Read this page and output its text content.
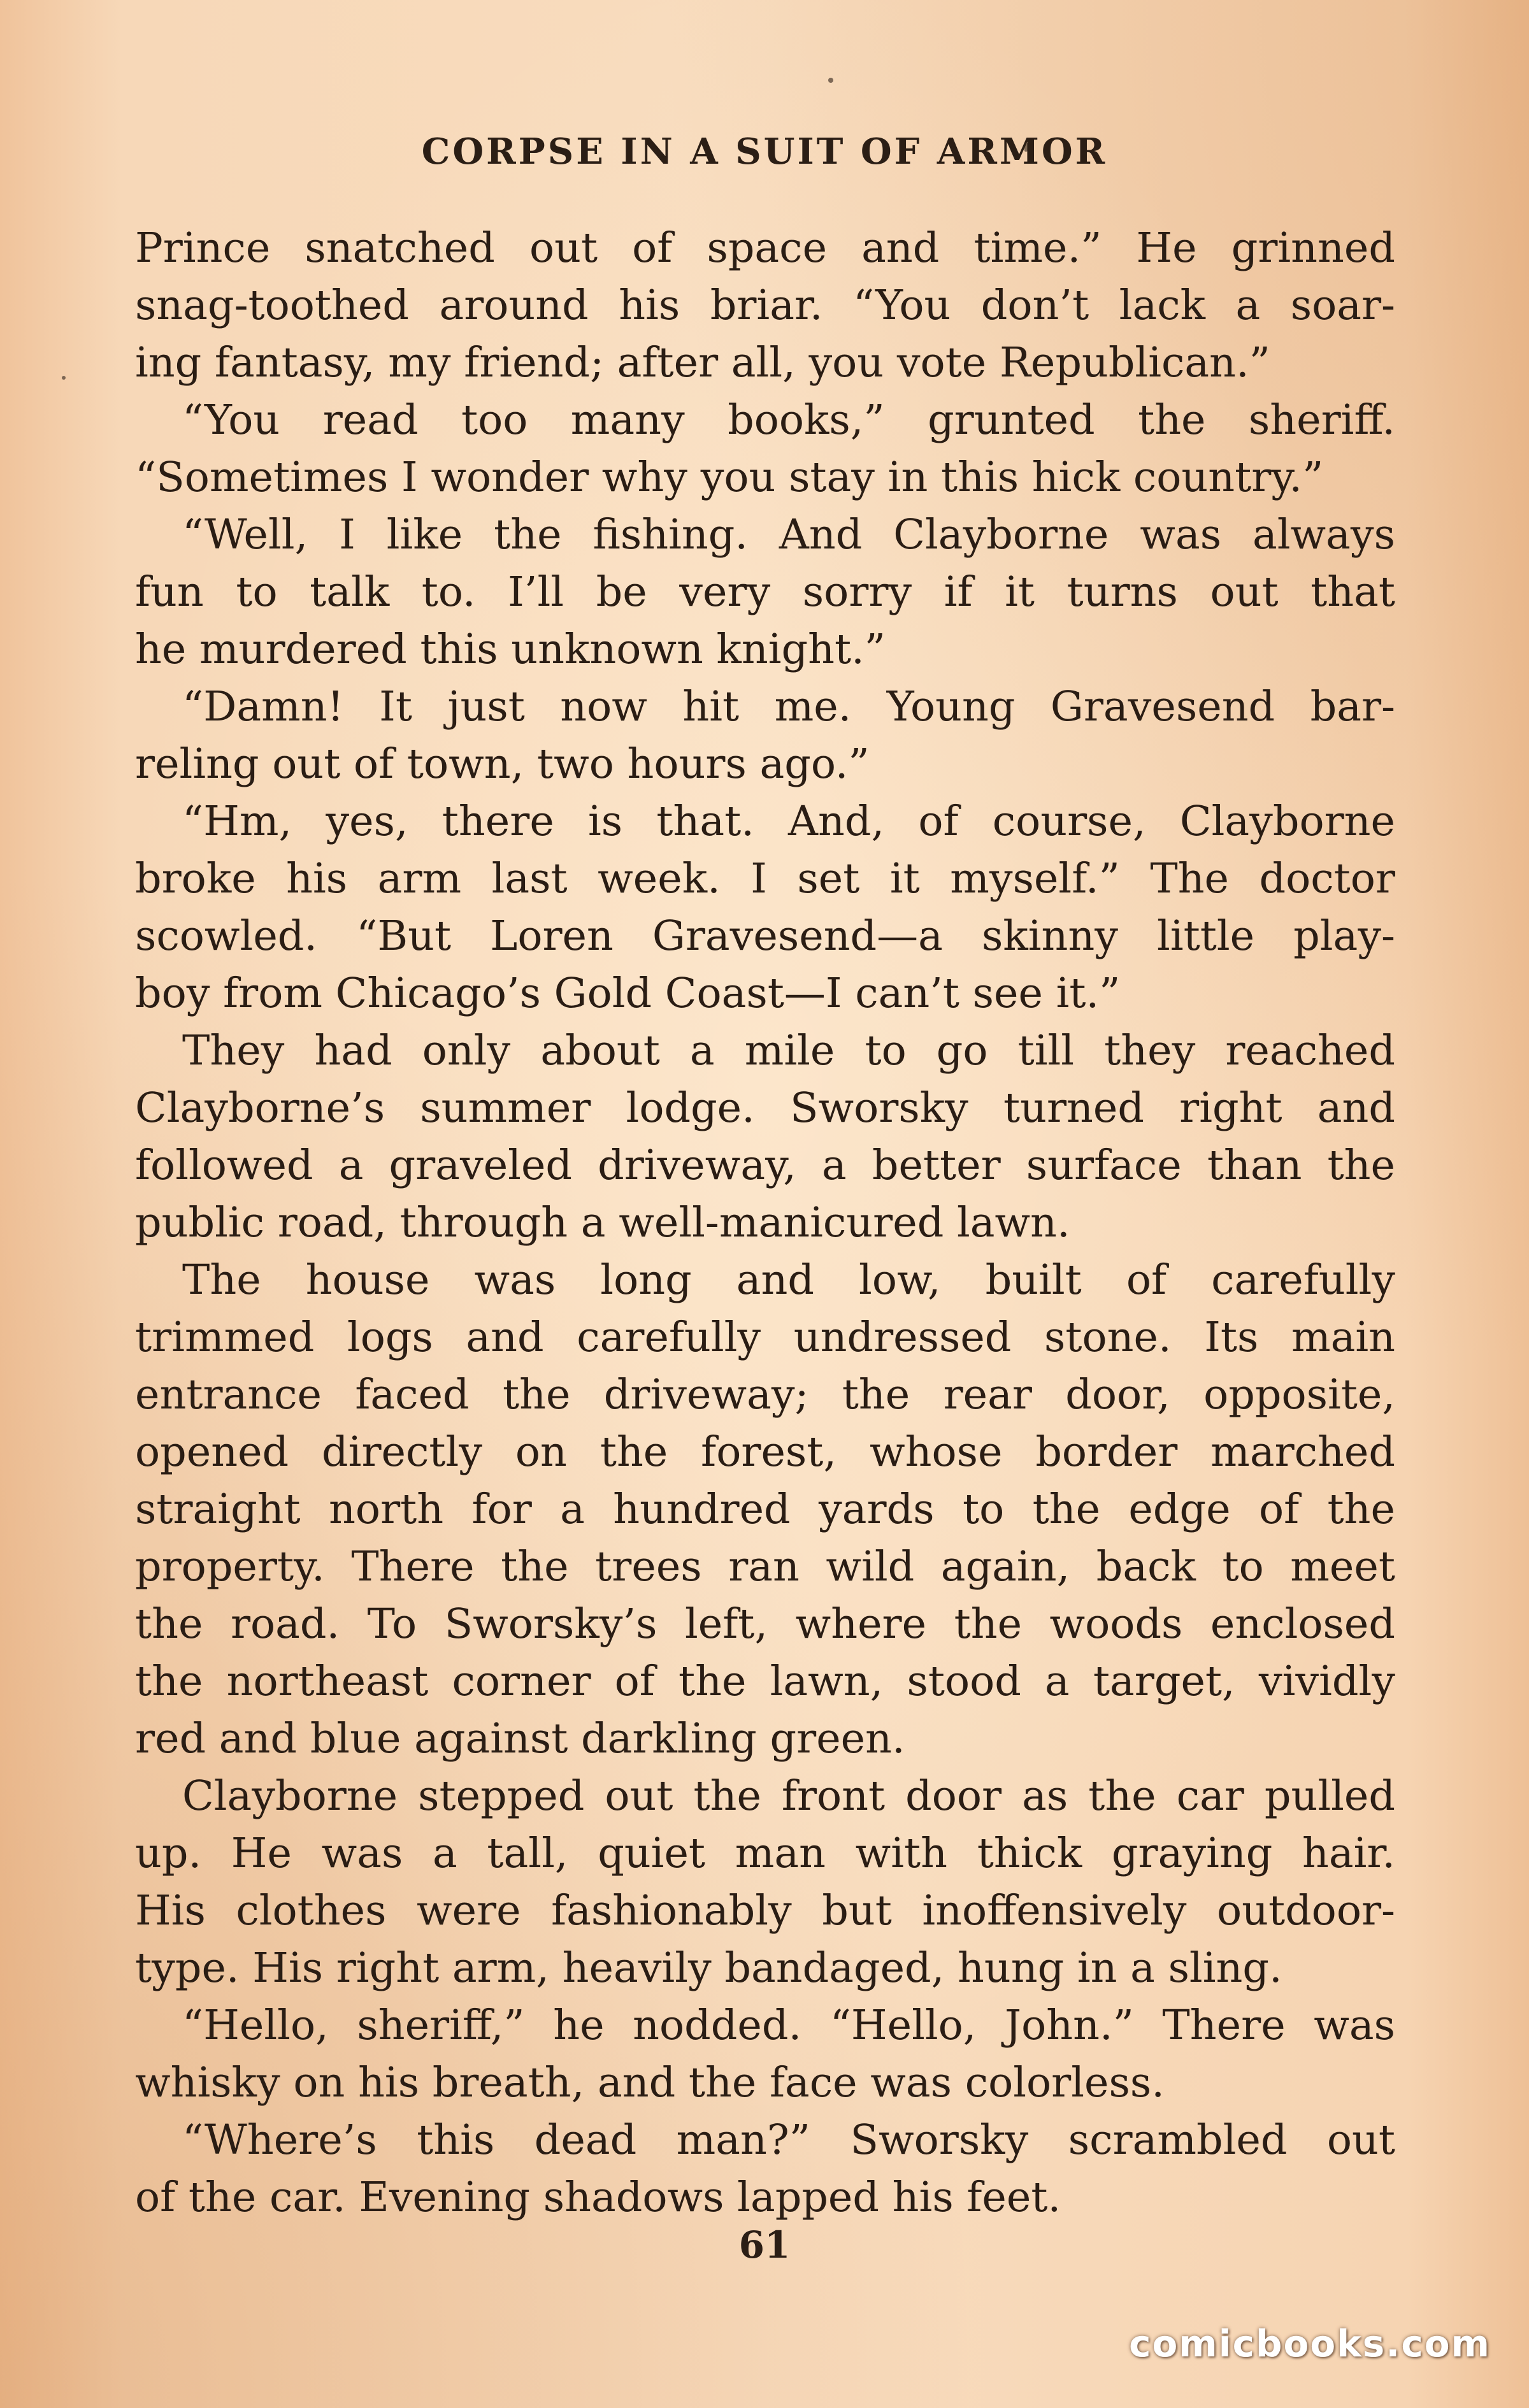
CORPSE IN A SUIT OF ARMOR
Prince snatched out of space and time.” He grinned
snag-toothed around his briar. “You don’t lack a soar-
ing fantasy, my friend; after all, you vote Republican.”
“You read too many books,” grunted the sheriff.
“Sometimes I wonder why you stay in this hick country.”
“Well, I like the fishing. And Clayborne was always
fun to talk to. I’ll be very sorry if it turns out that
he murdered this unknown knight.”
“Damn! It just now hit me. Young Gravesend bar-
reling out of town, two hours ago.”
“Hm, yes, there is that. And, of course, Clayborne
broke his arm last week. I set it myself.” The doctor
scowled. “But Loren Gravesend—a skinny little play-
boy from Chicago’s Gold Coast—I can’t see it.”
They had only about a mile to go till they reached
Clayborne’s summer lodge. Sworsky turned right and
followed a graveled driveway, a better surface than the
public road, through a well-manicured lawn.
The house was long and low, built of carefully
trimmed logs and carefully undressed stone. Its main
entrance faced the driveway; the rear door, opposite,
opened directly on the forest, whose border marched
straight north for a hundred yards to the edge of the
property. There the trees ran wild again, back to meet
the road. To Sworsky’s left, where the woods enclosed
the northeast corner of the lawn, stood a target, vividly
red and blue against darkling green.
Clayborne stepped out the front door as the car pulled
up. He was a tall, quiet man with thick graying hair.
His clothes were fashionably but inoffensively outdoor-
type. His right arm, heavily bandaged, hung in a sling.
“Hello, sheriff,” he nodded. “Hello, John.” There was
whisky on his breath, and the face was colorless.
“Where’s this dead man?” Sworsky scrambled out
of the car. Evening shadows lapped his feet.
61
comicbooks.com
